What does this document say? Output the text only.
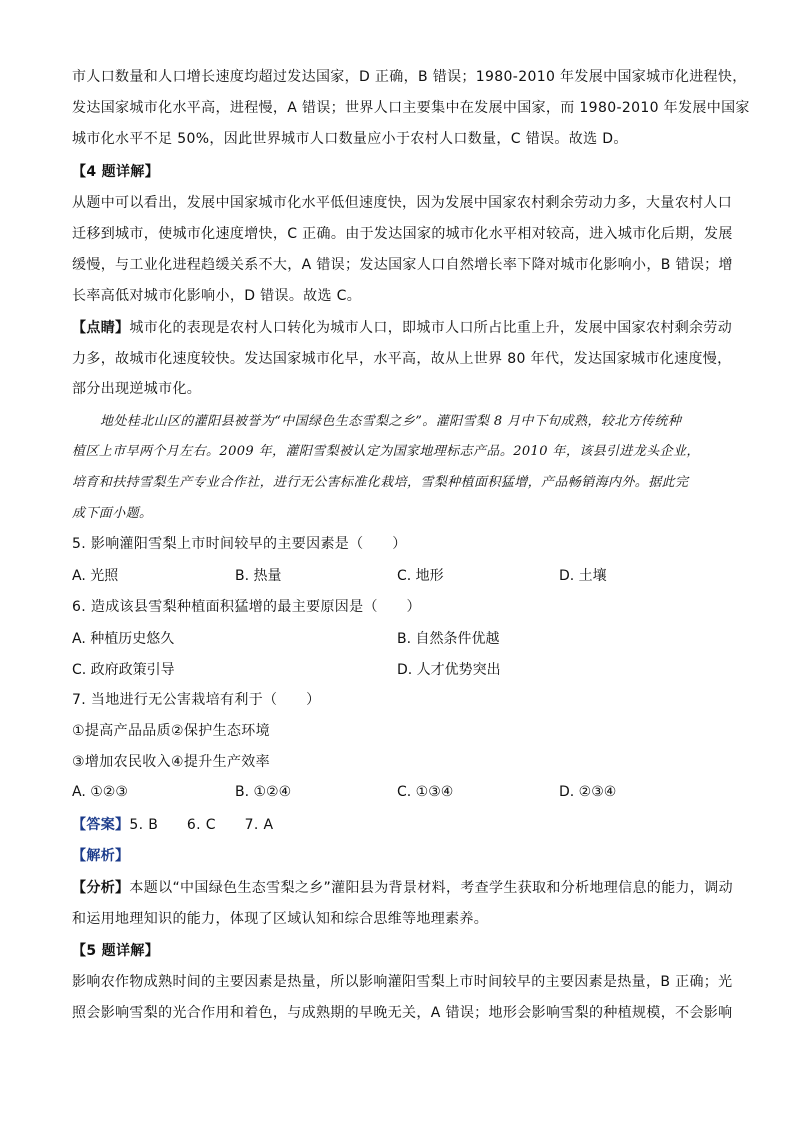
市人口数量和人口增长速度均超过发达国家，D 正确，B 错误；1980-2010 年发展中国家城市化进程快，
发达国家城市化水平高，进程慢，A 错误；世界人口主要集中在发展中国家，而 1980-2010 年发展中国家
城市化水平不足 50%，因此世界城市人口数量应小于农村人口数量，C 错误。故选 D。
【4 题详解】
从题中可以看出，发展中国家城市化水平低但速度快，因为发展中国家农村剩余劳动力多，大量农村人口
迁移到城市，使城市化速度增快，C 正确。由于发达国家的城市化水平相对较高，进入城市化后期，发展
缓慢，与工业化进程趋缓关系不大，A 错误；发达国家人口自然增长率下降对城市化影响小，B 错误；增
长率高低对城市化影响小，D 错误。故选 C。
【点睛】城市化的表现是农村人口转化为城市人口，即城市人口所占比重上升，发展中国家农村剩余劳动
力多，故城市化速度较快。发达国家城市化早，水平高，故从上世界 80 年代，发达国家城市化速度慢，
部分出现逆城市化。
地处桂北山区的灌阳县被誉为“中国绿色生态雪梨之乡”。灌阳雪梨 8 月中下旬成熟，较北方传统种
植区上市早两个月左右。2009 年，灌阳雪梨被认定为国家地理标志产品。2010 年，该县引进龙头企业，
培育和扶持雪梨生产专业合作社，进行无公害标准化栽培，雪梨种植面积猛增，产品畅销海内外。据此完
成下面小题。
5. 影响灌阳雪梨上市时间较早的主要因素是（　　）
A. 光照	B. 热量	C. 地形	D. 土壤
6. 造成该县雪梨种植面积猛增的最主要原因是（　　）
A. 种植历史悠久	B. 自然条件优越
C. 政府政策引导	D. 人才优势突出
7. 当地进行无公害栽培有利于（　　）
①提高产品品质②保护生态环境
③增加农民收入④提升生产效率
A. ①②③	B. ①②④	C. ①③④	D. ②③④
【答案】5. B　　6. C　　7. A
【解析】
【分析】本题以“中国绿色生态雪梨之乡”灌阳县为背景材料，考查学生获取和分析地理信息的能力，调动
和运用地理知识的能力，体现了区域认知和综合思维等地理素养。
【5 题详解】
影响农作物成熟时间的主要因素是热量，所以影响灌阳雪梨上市时间较早的主要因素是热量，B 正确；光
照会影响雪梨的光合作用和着色，与成熟期的早晚无关，A 错误；地形会影响雪梨的种植规模，不会影响
